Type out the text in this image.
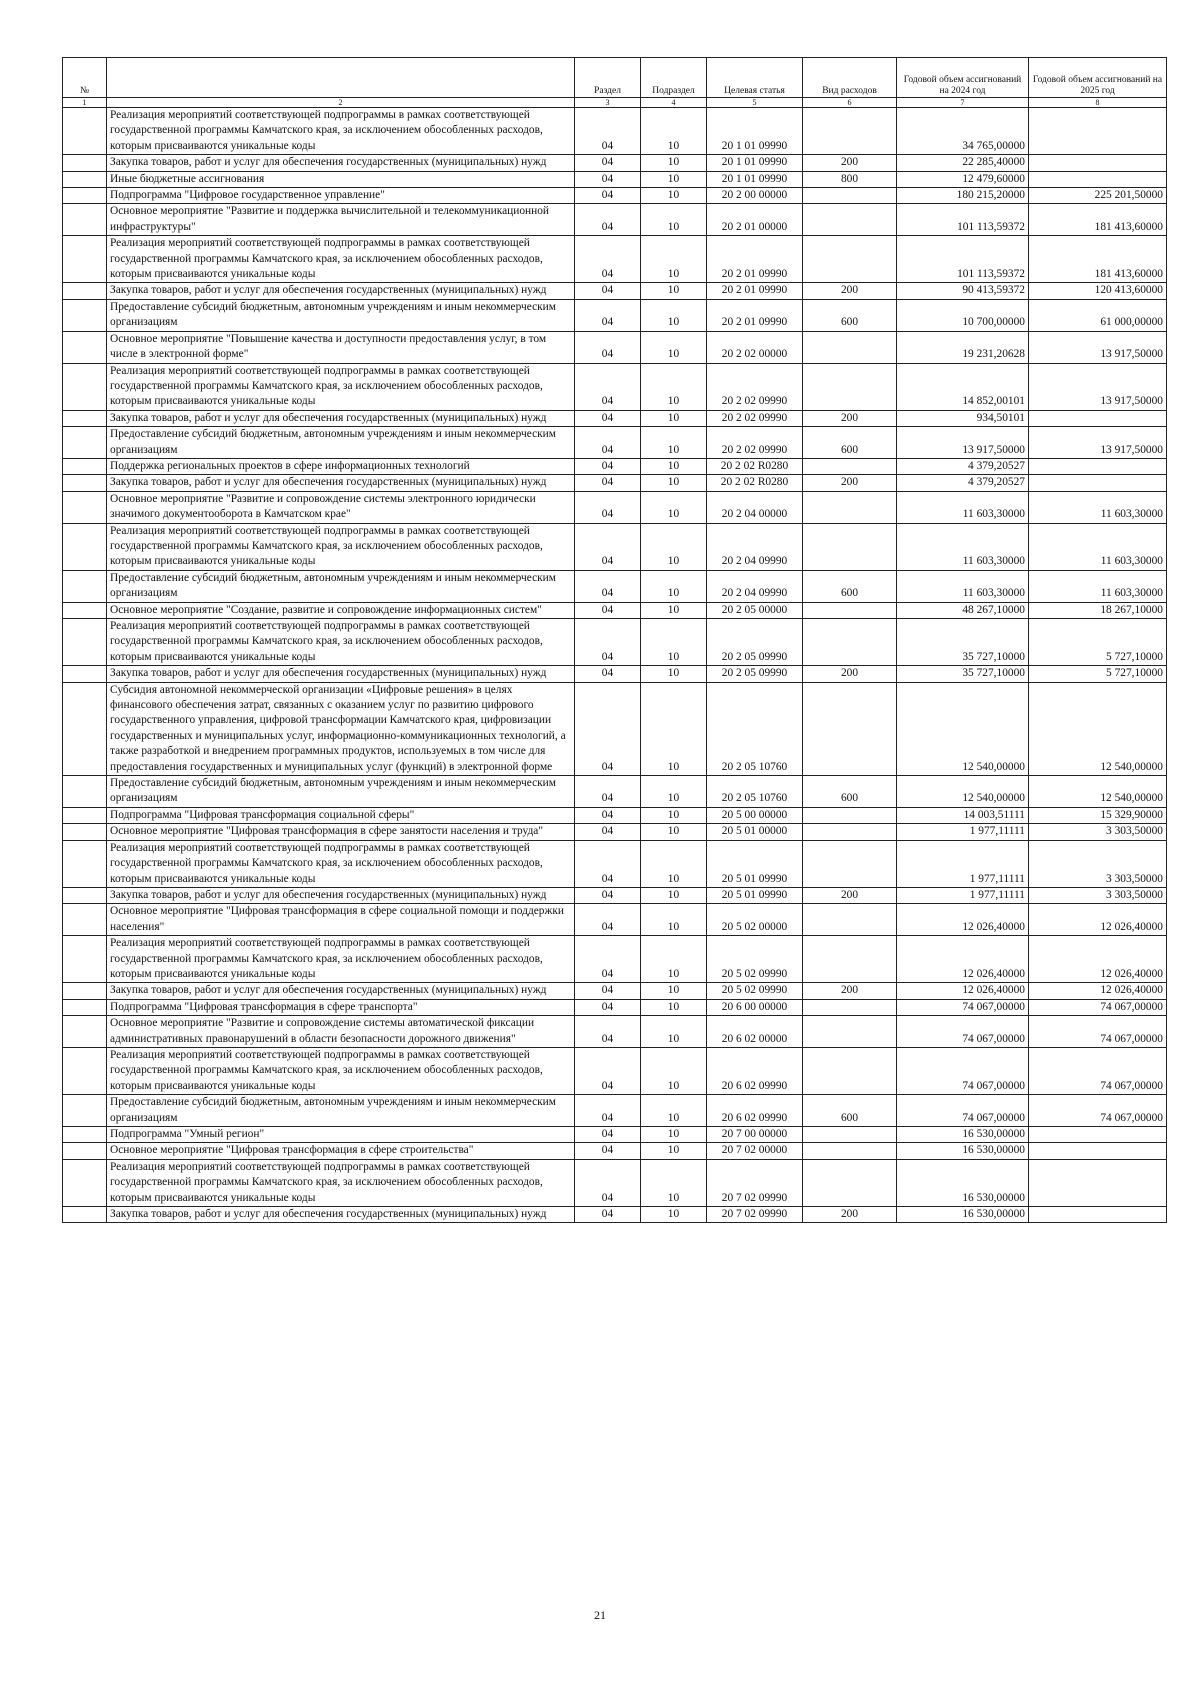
№		Раздел	Подраздел	Целевая статья	Вид расходов	Годовой объем ассигнований на 2024 год	Годовой объем ассигнований на 2025 год
1	2	3	4	5	6	7	8
	Реализация мероприятий соответствующей подпрограммы в рамках соответствующей государственной программы Камчатского края, за исключением обособленных расходов, которым присваиваются уникальные коды	04	10	20 1 01 09990		34 765,00000	
	Закупка товаров, работ и услуг для обеспечения государственных (муниципальных) нужд	04	10	20 1 01 09990	200	22 285,40000	
	Иные бюджетные ассигнования	04	10	20 1 01 09990	800	12 479,60000	
	Подпрограмма "Цифровое государственное управление"	04	10	20 2 00 00000		180 215,20000	225 201,50000
	Основное мероприятие "Развитие и поддержка вычислительной и телекоммуникационной инфраструктуры"	04	10	20 2 01 00000		101 113,59372	181 413,60000
	Реализация мероприятий соответствующей подпрограммы в рамках соответствующей государственной программы Камчатского края, за исключением обособленных расходов, которым присваиваются уникальные коды	04	10	20 2 01 09990		101 113,59372	181 413,60000
	Закупка товаров, работ и услуг для обеспечения государственных (муниципальных) нужд	04	10	20 2 01 09990	200	90 413,59372	120 413,60000
	Предоставление субсидий бюджетным, автономным учреждениям и иным некоммерческим организациям	04	10	20 2 01 09990	600	10 700,00000	61 000,00000
	Основное мероприятие "Повышение качества и доступности предоставления услуг, в том числе в электронной форме"	04	10	20 2 02 00000		19 231,20628	13 917,50000
	Реализация мероприятий соответствующей подпрограммы в рамках соответствующей государственной программы Камчатского края, за исключением обособленных расходов, которым присваиваются уникальные коды	04	10	20 2 02 09990		14 852,00101	13 917,50000
	Закупка товаров, работ и услуг для обеспечения государственных (муниципальных) нужд	04	10	20 2 02 09990	200	934,50101	
	Предоставление субсидий бюджетным, автономным учреждениям и иным некоммерческим организациям	04	10	20 2 02 09990	600	13 917,50000	13 917,50000
	Поддержка региональных проектов в сфере информационных технологий	04	10	20 2 02 R0280		4 379,20527	
	Закупка товаров, работ и услуг для обеспечения государственных (муниципальных) нужд	04	10	20 2 02 R0280	200	4 379,20527	
	Основное мероприятие "Развитие и сопровождение системы электронного юридически значимого документооборота в Камчатском крае"	04	10	20 2 04 00000		11 603,30000	11 603,30000
	Реализация мероприятий соответствующей подпрограммы в рамках соответствующей государственной программы Камчатского края, за исключением обособленных расходов, которым присваиваются уникальные коды	04	10	20 2 04 09990		11 603,30000	11 603,30000
	Предоставление субсидий бюджетным, автономным учреждениям и иным некоммерческим организациям	04	10	20 2 04 09990	600	11 603,30000	11 603,30000
	Основное мероприятие "Создание, развитие и сопровождение информационных систем"	04	10	20 2 05 00000		48 267,10000	18 267,10000
	Реализация мероприятий соответствующей подпрограммы в рамках соответствующей государственной программы Камчатского края, за исключением обособленных расходов, которым присваиваются уникальные коды	04	10	20 2 05 09990		35 727,10000	5 727,10000
	Закупка товаров, работ и услуг для обеспечения государственных (муниципальных) нужд	04	10	20 2 05 09990	200	35 727,10000	5 727,10000
	Субсидия автономной некоммерческой организации «Цифровые решения» в целях финансового обеспечения затрат, связанных с оказанием услуг по развитию цифрового государственного управления, цифровой трансформации Камчатского края, цифровизации государственных и муниципальных услуг, информационно-коммуникационных технологий, а также разработкой и внедрением программных продуктов, используемых в том числе для предоставления государственных и муниципальных услуг (функций) в электронной форме	04	10	20 2 05 10760		12 540,00000	12 540,00000
	Предоставление субсидий бюджетным, автономным учреждениям и иным некоммерческим организациям	04	10	20 2 05 10760	600	12 540,00000	12 540,00000
	Подпрограмма "Цифровая трансформация социальной сферы"	04	10	20 5 00 00000		14 003,51111	15 329,90000
	Основное мероприятие "Цифровая трансформация в сфере занятости населения и труда"	04	10	20 5 01 00000		1 977,11111	3 303,50000
	Реализация мероприятий соответствующей подпрограммы в рамках соответствующей государственной программы Камчатского края, за исключением обособленных расходов, которым присваиваются уникальные коды	04	10	20 5 01 09990		1 977,11111	3 303,50000
	Закупка товаров, работ и услуг для обеспечения государственных (муниципальных) нужд	04	10	20 5 01 09990	200	1 977,11111	3 303,50000
	Основное мероприятие "Цифровая трансформация в сфере социальной помощи и поддержки населения"	04	10	20 5 02 00000		12 026,40000	12 026,40000
	Реализация мероприятий соответствующей подпрограммы в рамках соответствующей государственной программы Камчатского края, за исключением обособленных расходов, которым присваиваются уникальные коды	04	10	20 5 02 09990		12 026,40000	12 026,40000
	Закупка товаров, работ и услуг для обеспечения государственных (муниципальных) нужд	04	10	20 5 02 09990	200	12 026,40000	12 026,40000
	Подпрограмма "Цифровая трансформация в сфере транспорта"	04	10	20 6 00 00000		74 067,00000	74 067,00000
	Основное мероприятие "Развитие и сопровождение системы автоматической фиксации административных правонарушений в области безопасности дорожного движения"	04	10	20 6 02 00000		74 067,00000	74 067,00000
	Реализация мероприятий соответствующей подпрограммы в рамках соответствующей государственной программы Камчатского края, за исключением обособленных расходов, которым присваиваются уникальные коды	04	10	20 6 02 09990		74 067,00000	74 067,00000
	Предоставление субсидий бюджетным, автономным учреждениям и иным некоммерческим организациям	04	10	20 6 02 09990	600	74 067,00000	74 067,00000
	Подпрограмма "Умный регион"	04	10	20 7 00 00000		16 530,00000	
	Основное мероприятие "Цифровая трансформация в сфере строительства"	04	10	20 7 02 00000		16 530,00000	
	Реализация мероприятий соответствующей подпрограммы в рамках соответствующей государственной программы Камчатского края, за исключением обособленных расходов, которым присваиваются уникальные коды	04	10	20 7 02 09990		16 530,00000	
	Закупка товаров, работ и услуг для обеспечения государственных (муниципальных) нужд	04	10	20 7 02 09990	200	16 530,00000	
21
